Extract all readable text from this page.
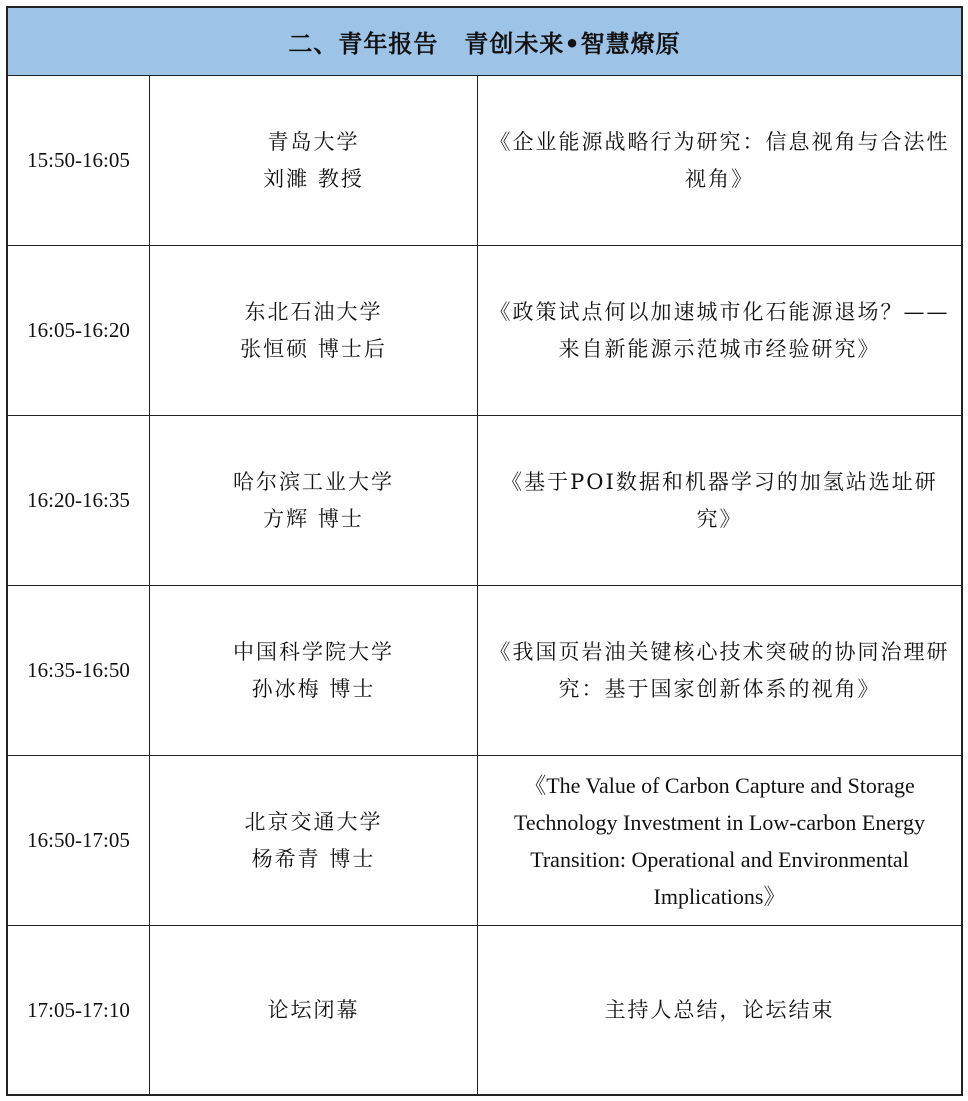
二、青年报告 青创未来•智慧燎原
15:50-16:05
青岛大学
刘濉 教授
《企业能源战略行为研究：信息视角与合法性视角》
16:05-16:20
东北石油大学
张恒硕 博士后
《政策试点何以加速城市化石能源退场？——来自新能源示范城市经验研究》
16:20-16:35
哈尔滨工业大学
方辉 博士
《基于POI数据和机器学习的加氢站选址研究》
16:35-16:50
中国科学院大学
孙冰梅 博士
《我国页岩油关键核心技术突破的协同治理研究：基于国家创新体系的视角》
16:50-17:05
北京交通大学
杨希青 博士
《The Value of Carbon Capture and Storage Technology Investment in Low-carbon Energy Transition: Operational and Environmental Implications》
17:05-17:10	论坛闭幕	主持人总结，论坛结束
